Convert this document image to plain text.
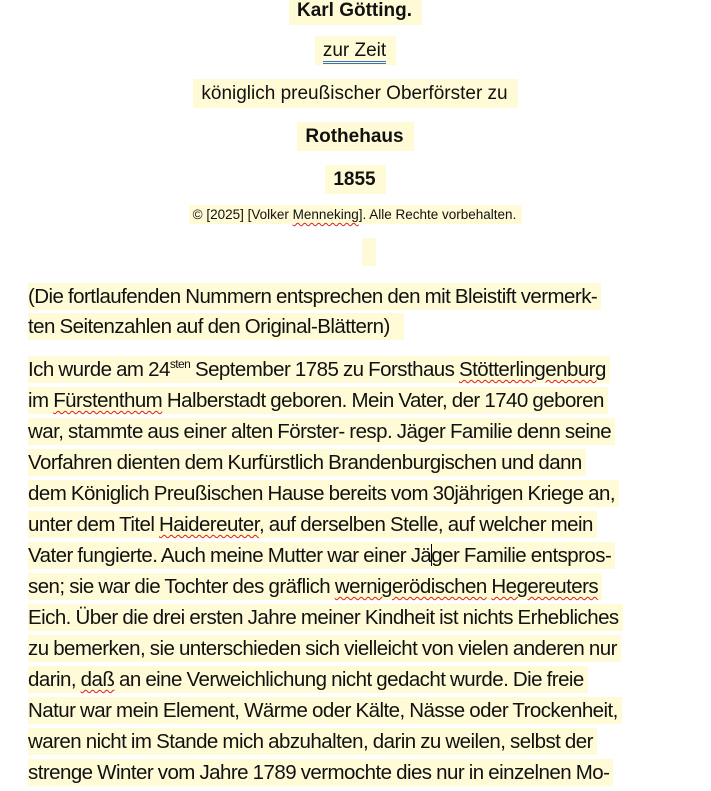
Karl Götting.
zur Zeit
königlich preußischer Oberförster zu
Rothehaus
1855
© [2025] [Volker Menneking]. Alle Rechte vorbehalten.
(Die fortlaufenden Nummern entsprechen den mit Bleistift vermerk-
ten Seitenzahlen auf den Original-Blättern)
Ich wurde am $24^{sten}$ September 1785 zu Forsthaus Stötterlingenburg
im Fürstenthum Halberstadt geboren. Mein Vater, der 1740 geboren
war, stammte aus einer alten Förster- resp. Jäger Familie denn seine
Vorfahren dienten dem Kurfürstlich Brandenburgischen und dann
dem Königlich Preußischen Hause bereits vom 30jährigen Kriege an,
unter dem Titel Haidereuter, auf derselben Stelle, auf welcher mein
Vater fungierte. Auch meine Mutter war einer Jäger Familie entspros-
sen; sie war die Tochter des gräflich wernigerödischen Hegereuters
Eich. Über die drei ersten Jahre meiner Kindheit ist nichts Erhebliches
zu bemerken, sie unterschieden sich vielleicht von vielen anderen nur
darin, daß an eine Verweichlichung nicht gedacht wurde. Die freie
Natur war mein Element, Wärme oder Kälte, Nässe oder Trockenheit,
waren nicht im Stande mich abzuhalten, darin zu weilen, selbst der
strenge Winter vom Jahre 1789 vermochte dies nur in einzelnen Mo-
